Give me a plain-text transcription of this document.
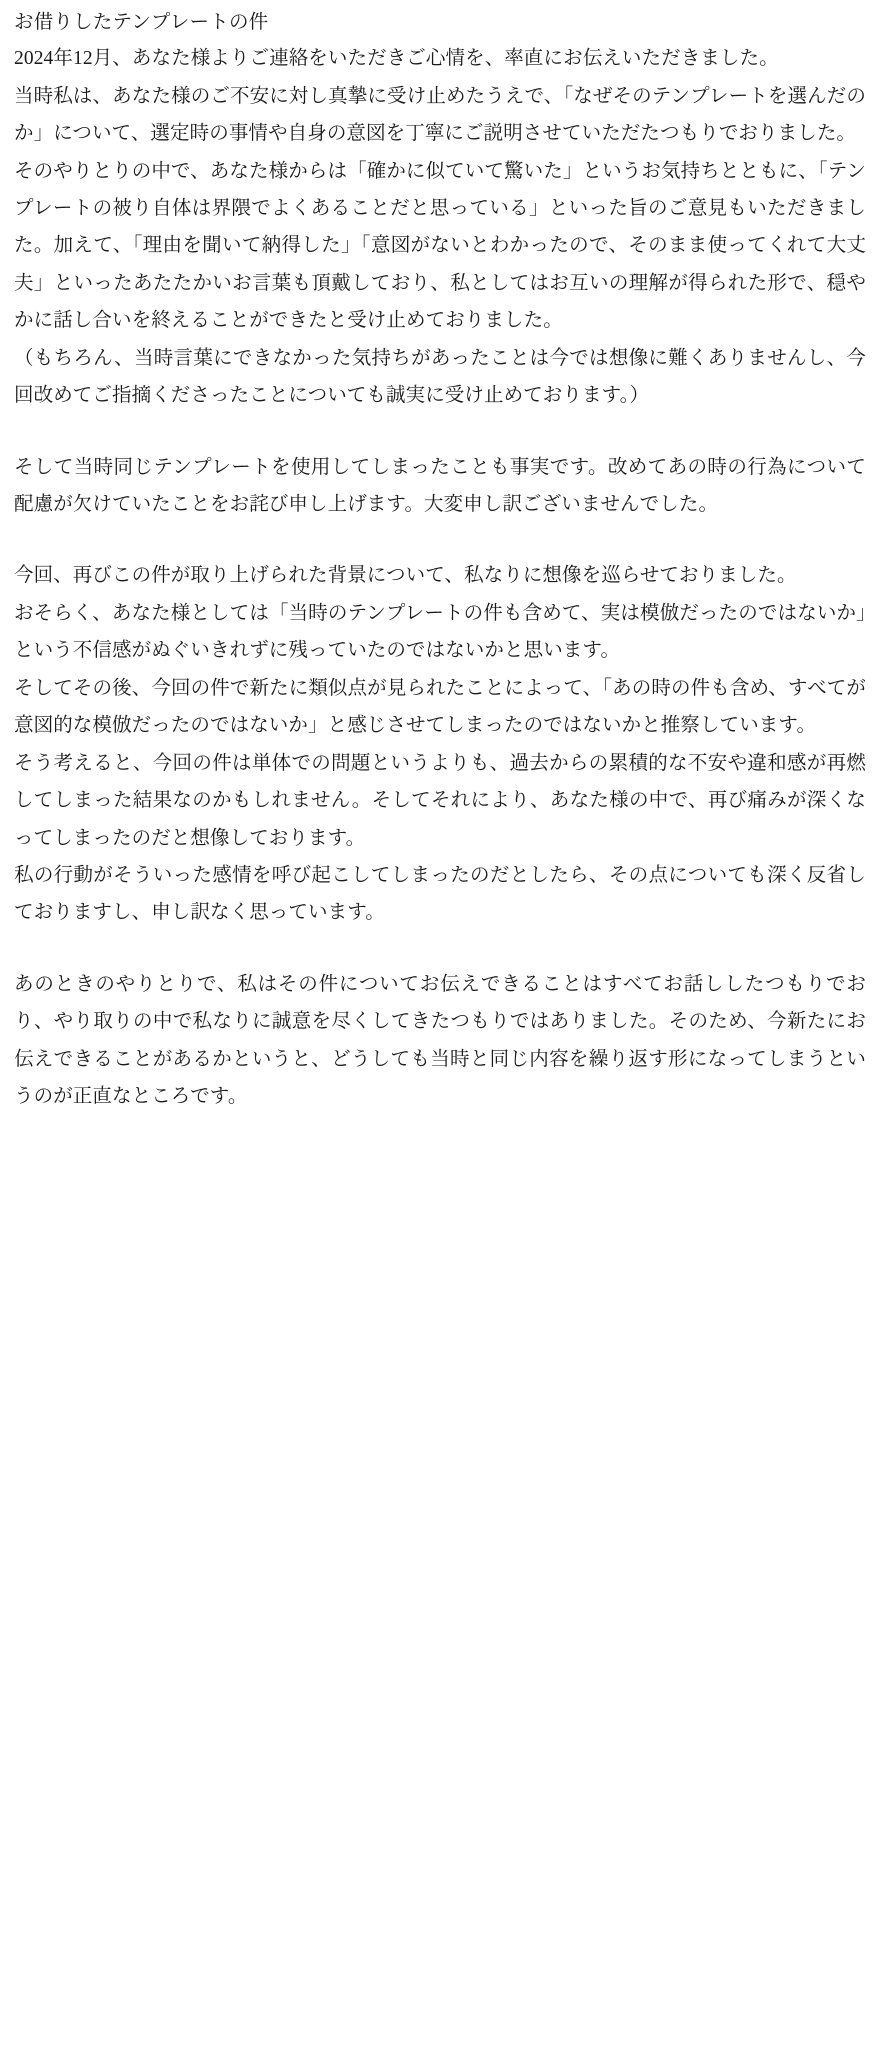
お借りしたテンプレートの件

2024年12月、あなた様よりご連絡をいただきご心情を、率直にお伝えいただきました。

当時私は、あなた様のご不安に対し真摯に受け止めたうえで、「なぜそのテンプレートを選んだのか」について、選定時の事情や自身の意図を丁寧にご説明させていただたつもりでおりました。

そのやりとりの中で、あなた様からは「確かに似ていて驚いた」というお気持ちとともに、「テンプレートの被り自体は界隈でよくあることだと思っている」といった旨のご意見もいただきました。加えて、「理由を聞いて納得した」「意図がないとわかったので、そのまま使ってくれて大丈夫」といったあたたかいお言葉も頂戴しており、私としてはお互いの理解が得られた形で、穏やかに話し合いを終えることができたと受け止めておりました。

（もちろん、当時言葉にできなかった気持ちがあったことは今では想像に難くありませんし、今回改めてご指摘くださったことについても誠実に受け止めております。）

そして当時同じテンプレートを使用してしまったことも事実です。改めてあの時の行為について配慮が欠けていたことをお詫び申し上げます。大変申し訳ございませんでした。

今回、再びこの件が取り上げられた背景について、私なりに想像を巡らせておりました。

おそらく、あなた様としては「当時のテンプレートの件も含めて、実は模倣だったのではないか」という不信感がぬぐいきれずに残っていたのではないかと思います。

そしてその後、今回の件で新たに類似点が見られたことによって、「あの時の件も含め、すべてが意図的な模倣だったのではないか」と感じさせてしまったのではないかと推察しています。

そう考えると、今回の件は単体での問題というよりも、過去からの累積的な不安や違和感が再燃してしまった結果なのかもしれません。そしてそれにより、あなた様の中で、再び痛みが深くなってしまったのだと想像しております。

私の行動がそういった感情を呼び起こしてしまったのだとしたら、その点についても深く反省しておりますし、申し訳なく思っています。

あのときのやりとりで、私はその件についてお伝えできることはすべてお話ししたつもりでおり、やり取りの中で私なりに誠意を尽くしてきたつもりではありました。そのため、今新たにお伝えできることがあるかというと、どうしても当時と同じ内容を繰り返す形になってしまうというのが正直なところです。
